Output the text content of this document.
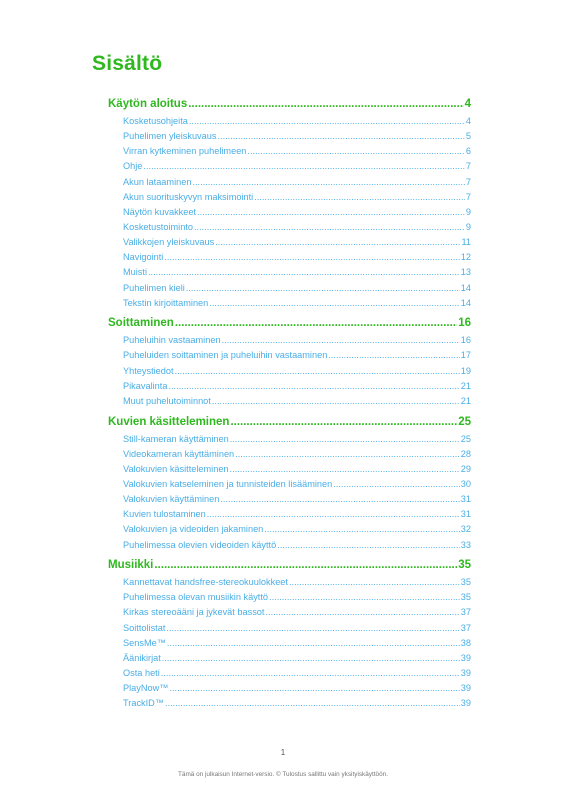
Sisältö
Käytön aloitus .....	4
Kosketusohjeita .....	4
Puhelimen yleiskuvaus .....	5
Virran kytkeminen puhelimeen .....	6
Ohje .....	7
Akun lataaminen .....	7
Akun suorituskyvyn maksimointi .....	7
Näytön kuvakkeet .....	9
Kosketustoiminto .....	9
Valikkojen yleiskuvaus .....	11
Navigointi .....	12
Muisti .....	13
Puhelimen kieli .....	14
Tekstin kirjoittaminen .....	14
Soittaminen .....	16
Puheluihin vastaaminen .....	16
Puheluiden soittaminen ja puheluihin vastaaminen .....	17
Yhteystiedot .....	19
Pikavalinta .....	21
Muut puhelutoiminnot .....	21
Kuvien käsitteleminen .....	25
Still-kameran käyttäminen .....	25
Videokameran käyttäminen .....	28
Valokuvien käsitteleminen .....	29
Valokuvien katseleminen ja tunnisteiden lisääminen .....	30
Valokuvien käyttäminen .....	31
Kuvien tulostaminen .....	31
Valokuvien ja videoiden jakaminen .....	32
Puhelimessa olevien videoiden käyttö .....	33
Musiikki .....	35
Kannettavat handsfree-stereokuulokkeet .....	35
Puhelimessa olevan musiikin käyttö .....	35
Kirkas stereoääni ja jykevät bassot .....	37
Soittolistat .....	37
SensMe™ .....	38
Äänikirjat .....	39
Osta heti .....	39
PlayNow™ .....	39
TrackID™ .....	39
1
Tämä on julkaisun Internet-versio. © Tulostus sallittu vain yksityiskäyttöön.
